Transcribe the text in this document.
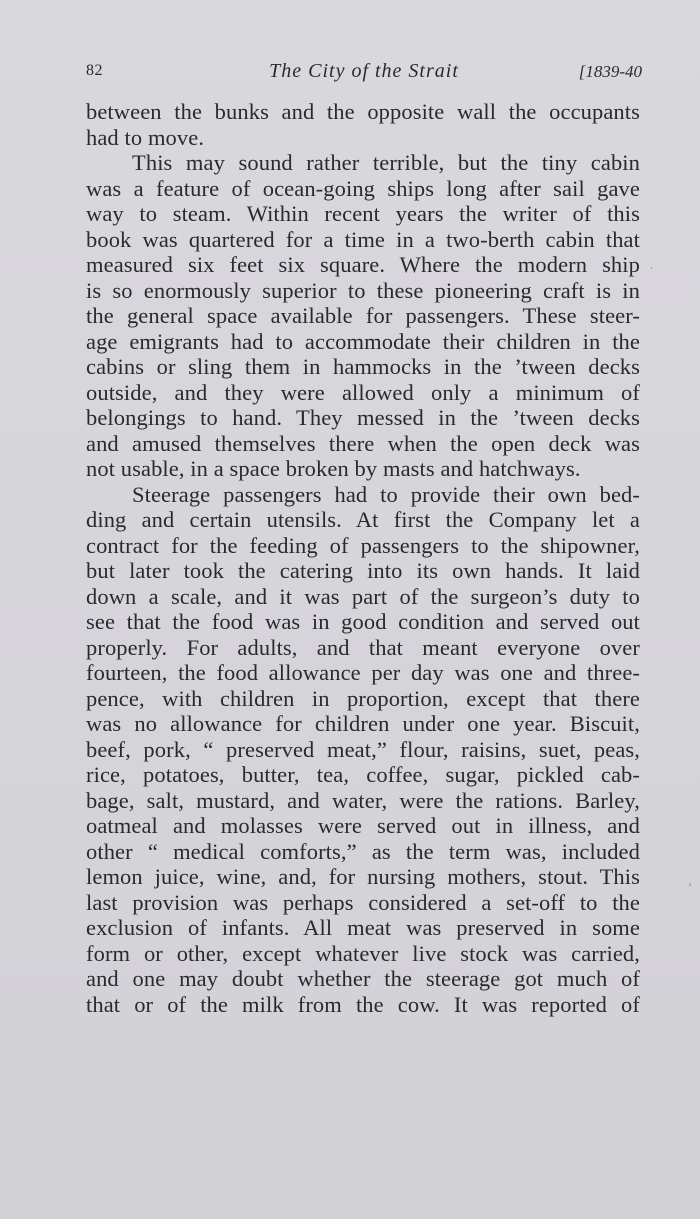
82	The City of the Strait	[1839-40
between the bunks and the opposite wall the occupants
had to move.
This may sound rather terrible, but the tiny cabin
was a feature of ocean-going ships long after sail gave
way to steam. Within recent years the writer of this
book was quartered for a time in a two-berth cabin that
measured six feet six square. Where the modern ship
is so enormously superior to these pioneering craft is in
the general space available for passengers. These steer-
age emigrants had to accommodate their children in the
cabins or sling them in hammocks in the ’tween decks
outside, and they were allowed only a minimum of
belongings to hand. They messed in the ’tween decks
and amused themselves there when the open deck was
not usable, in a space broken by masts and hatchways.
Steerage passengers had to provide their own bed-
ding and certain utensils. At first the Company let a
contract for the feeding of passengers to the shipowner,
but later took the catering into its own hands. It laid
down a scale, and it was part of the surgeon’s duty to
see that the food was in good condition and served out
properly. For adults, and that meant everyone over
fourteen, the food allowance per day was one and three-
pence, with children in proportion, except that there
was no allowance for children under one year. Biscuit,
beef, pork, “ preserved meat,” flour, raisins, suet, peas,
rice, potatoes, butter, tea, coffee, sugar, pickled cab-
bage, salt, mustard, and water, were the rations. Barley,
oatmeal and molasses were served out in illness, and
other “ medical comforts,” as the term was, included
lemon juice, wine, and, for nursing mothers, stout. This
last provision was perhaps considered a set-off to the
exclusion of infants. All meat was preserved in some
form or other, except whatever live stock was carried,
and one may doubt whether the steerage got much of
that or of the milk from the cow. It was reported of
.
’
